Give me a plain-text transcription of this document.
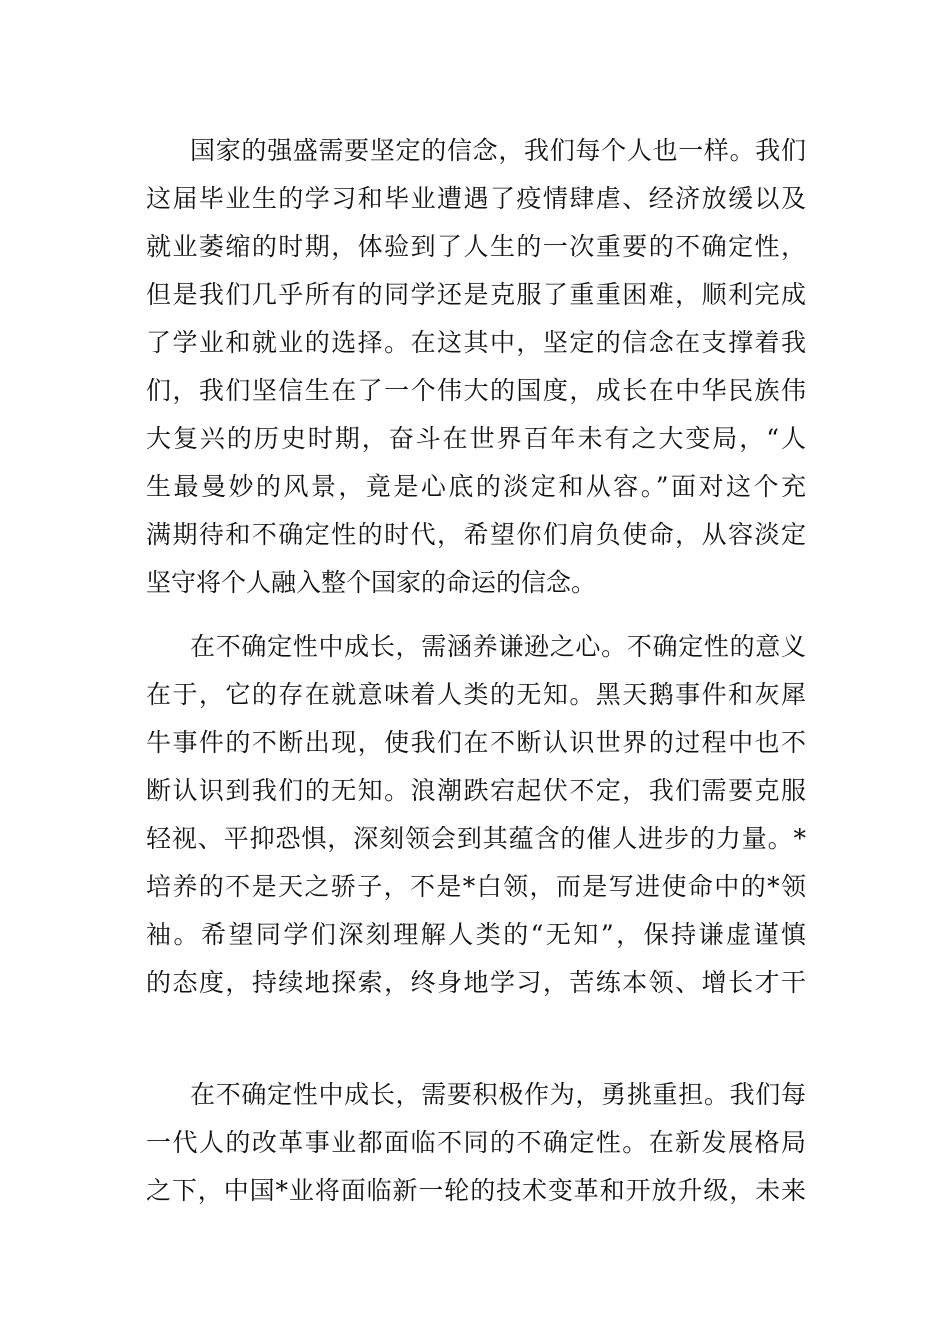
国家的强盛需要坚定的信念，我们每个人也一样。我们
这届毕业生的学习和毕业遭遇了疫情肆虐、经济放缓以及
就业萎缩的时期，体验到了人生的一次重要的不确定性，
但是我们几乎所有的同学还是克服了重重困难，顺利完成
了学业和就业的选择。在这其中，坚定的信念在支撑着我
们，我们坚信生在了一个伟大的国度，成长在中华民族伟
大复兴的历史时期，奋斗在世界百年未有之大变局，“人
生最曼妙的风景，竟是心底的淡定和从容。”面对这个充
满期待和不确定性的时代，希望你们肩负使命，从容淡定
坚守将个人融入整个国家的命运的信念。
在不确定性中成长，需涵养谦逊之心。不确定性的意义
在于，它的存在就意味着人类的无知。黑天鹅事件和灰犀
牛事件的不断出现，使我们在不断认识世界的过程中也不
断认识到我们的无知。浪潮跌宕起伏不定，我们需要克服
轻视、平抑恐惧，深刻领会到其蕴含的催人进步的力量。*
培养的不是天之骄子，不是*白领，而是写进使命中的*领
袖。希望同学们深刻理解人类的“无知”，保持谦虚谨慎
的态度，持续地探索，终身地学习，苦练本领、增长才干
在不确定性中成长，需要积极作为，勇挑重担。我们每
一代人的改革事业都面临不同的不确定性。在新发展格局
之下，中国*业将面临新一轮的技术变革和开放升级，未来
